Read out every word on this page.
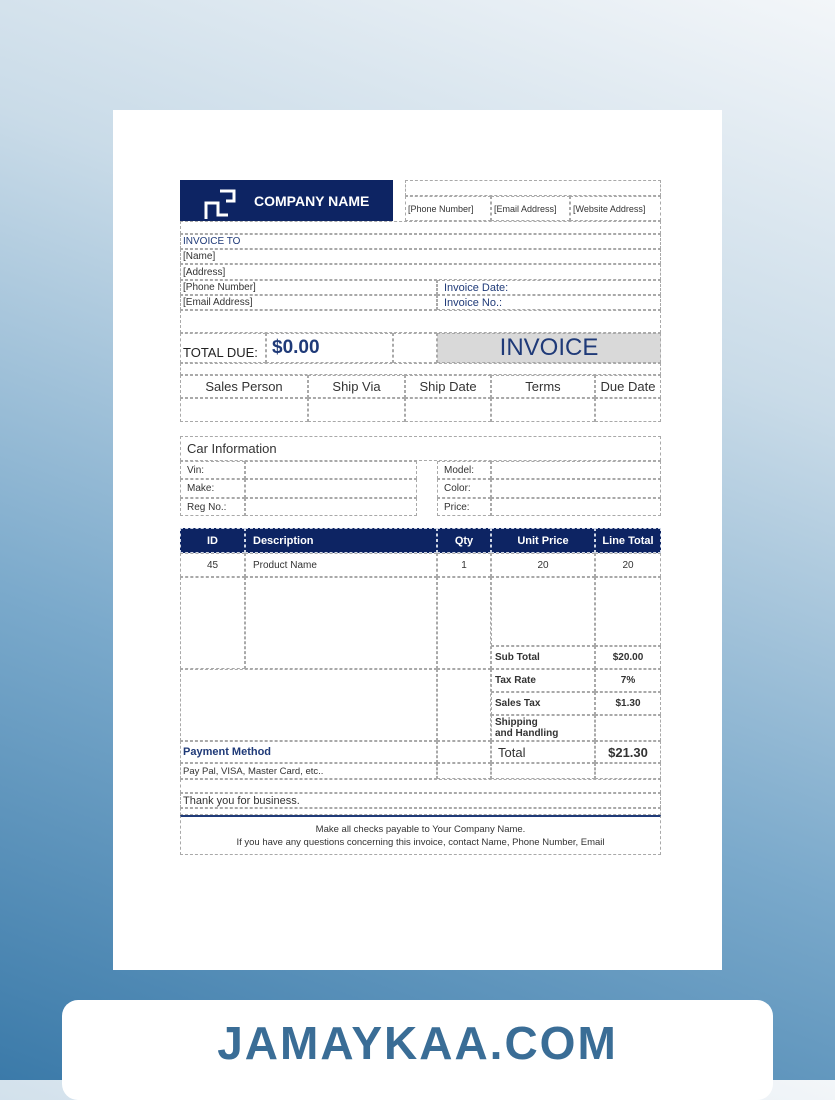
COMPANY NAME	[Phone Number]	[Email Address]	[Website Address]
INVOICE TO
[Name]
[Address]
[Phone Number]
[Email Address]
Invoice Date:
Invoice No.:
TOTAL DUE: $0.00	INVOICE
Sales Person	Ship Via	Ship Date	Terms	Due Date
Car Information
Vin:
Make:
Reg No.:
Model:
Color:
Price:
ID	Description	Qty	Unit Price	Line Total
45	Product Name	1	20	20
Sub Total	$20.00
Tax Rate	7%
Sales Tax	$1.30
Shipping
and Handling
Payment Method	Total	$21.30
Pay Pal, VISA, Master Card, etc..
Thank you for business.
Make all checks payable to Your Company Name.
If you have any questions concerning this invoice, contact Name, Phone Number, Email
JAMAYKAA.COM
